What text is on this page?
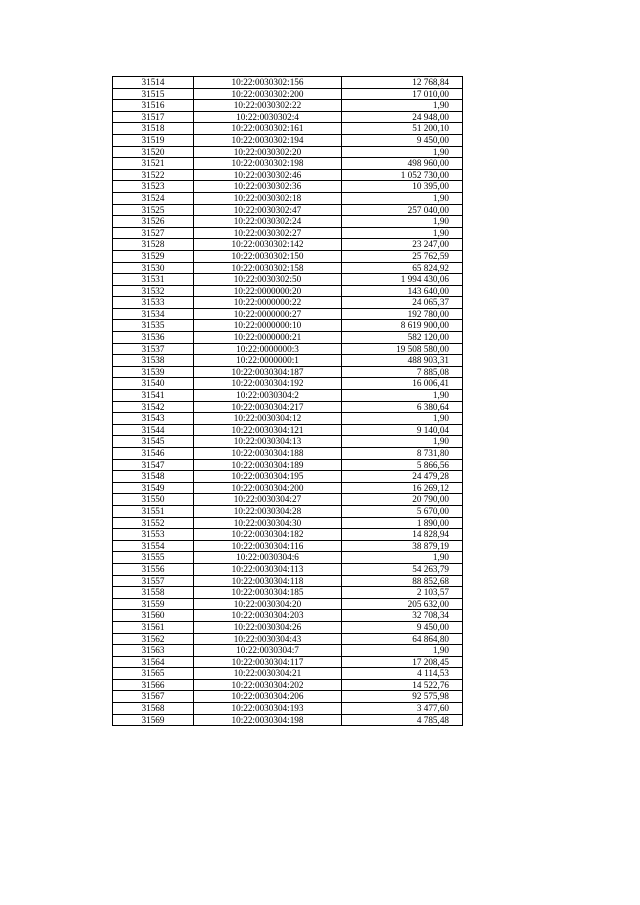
31514	10:22:0030302:156	12 768,84
31515	10:22:0030302:200	17 010,00
31516	10:22:0030302:22	1,90
31517	10:22:0030302:4	24 948,00
31518	10:22:0030302:161	51 200,10
31519	10:22:0030302:194	9 450,00
31520	10:22:0030302:20	1,90
31521	10:22:0030302:198	498 960,00
31522	10:22:0030302:46	1 052 730,00
31523	10:22:0030302:36	10 395,00
31524	10:22:0030302:18	1,90
31525	10:22:0030302:47	257 040,00
31526	10:22:0030302:24	1,90
31527	10:22:0030302:27	1,90
31528	10:22:0030302:142	23 247,00
31529	10:22:0030302:150	25 762,59
31530	10:22:0030302:158	65 824,92
31531	10:22:0030302:50	1 994 430,06
31532	10:22:0000000:20	143 640,00
31533	10:22:0000000:22	24 065,37
31534	10:22:0000000:27	192 780,00
31535	10:22:0000000:10	8 619 900,00
31536	10:22:0000000:21	582 120,00
31537	10:22:0000000:3	19 508 580,00
31538	10:22:0000000:1	488 903,31
31539	10:22:0030304:187	7 885,08
31540	10:22:0030304:192	16 006,41
31541	10:22:0030304:2	1,90
31542	10:22:0030304:217	6 380,64
31543	10:22:0030304:12	1,90
31544	10:22:0030304:121	9 140,04
31545	10:22:0030304:13	1,90
31546	10:22:0030304:188	8 731,80
31547	10:22:0030304:189	5 866,56
31548	10:22:0030304:195	24 479,28
31549	10:22:0030304:200	16 269,12
31550	10:22:0030304:27	20 790,00
31551	10:22:0030304:28	5 670,00
31552	10:22:0030304:30	1 890,00
31553	10:22:0030304:182	14 828,94
31554	10:22:0030304:116	38 879,19
31555	10:22:0030304:6	1,90
31556	10:22:0030304:113	54 263,79
31557	10:22:0030304:118	88 852,68
31558	10:22:0030304:185	2 103,57
31559	10:22:0030304:20	205 632,00
31560	10:22:0030304:203	32 708,34
31561	10:22:0030304:26	9 450,00
31562	10:22:0030304:43	64 864,80
31563	10:22:0030304:7	1,90
31564	10:22:0030304:117	17 208,45
31565	10:22:0030304:21	4 114,53
31566	10:22:0030304:202	14 522,76
31567	10:22:0030304:206	92 575,98
31568	10:22:0030304:193	3 477,60
31569	10:22:0030304:198	4 785,48
